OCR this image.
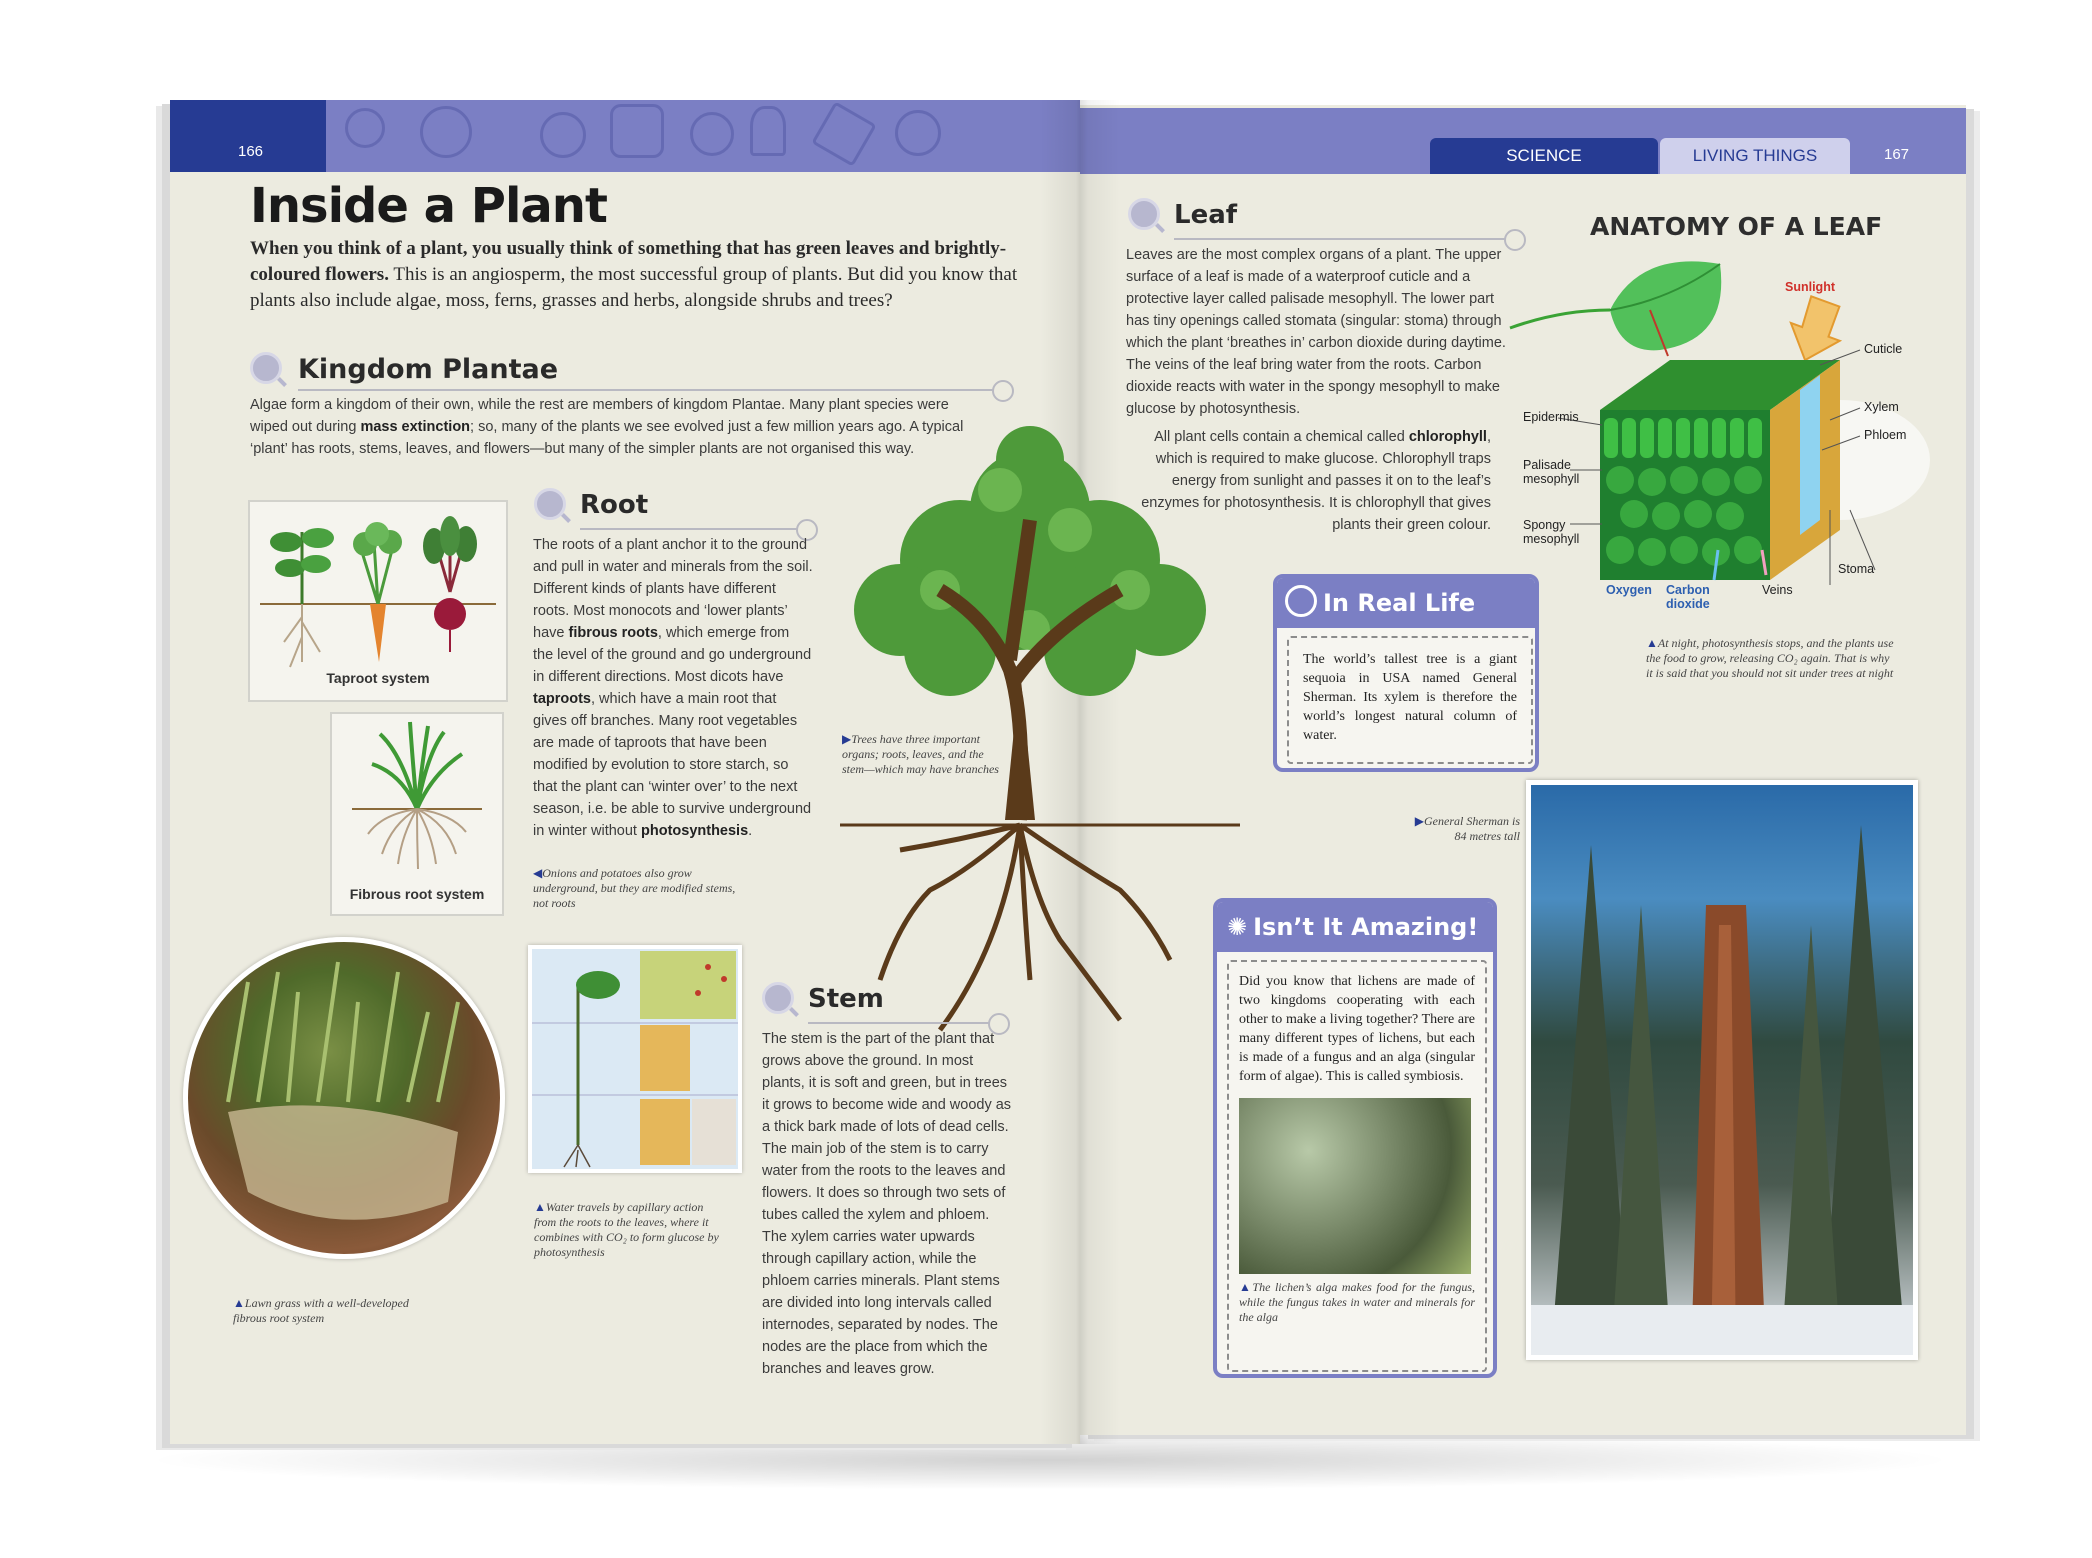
166	167
SCIENCE	LIVING THINGS
Inside a Plant
When you think of a plant, you usually think of something that has green leaves and brightly-coloured flowers. This is an angiosperm, the most successful group of plants. But did you know that plants also include algae, moss, ferns, grasses and herbs, alongside shrubs and trees?
Kingdom Plantae
Algae form a kingdom of their own, while the rest are members of kingdom Plantae. Many plant species were wiped out during mass extinction; so, many of the plants we see evolved just a few million years ago. A typical ‘plant’ has roots, stems, leaves, and flowers—but many of the simpler plants are not organised this way.
Taproot system
Fibrous root system
Root
The roots of a plant anchor it to the ground and pull in water and minerals from the soil. Different kinds of plants have different roots. Most monocots and ‘lower plants’ have fibrous roots, which emerge from the level of the ground and go underground in different directions. Most dicots have taproots, which have a main root that gives off branches. Many root vegetables are made of taproots that have been modified by evolution to store starch, so that the plant can ‘winter over’ to the next season, i.e. be able to survive underground in winter without photosynthesis.
◀Onions and potatoes also grow underground, but they are modified stems, not roots
▶Trees have three important organs; roots, leaves, and the stem—which may have branches
▲Lawn grass with a well-developed fibrous root system
▲Water travels by capillary action from the roots to the leaves, where it combines with CO₂ to form glucose by photosynthesis
Stem
The stem is the part of the plant that grows above the ground. In most plants, it is soft and green, but in trees it grows to become wide and woody as a thick bark made of lots of dead cells. The main job of the stem is to carry water from the roots to the leaves and flowers. It does so through two sets of tubes called the xylem and phloem. The xylem carries water upwards through capillary action, while the phloem carries minerals. Plant stems are divided into long intervals called internodes, separated by nodes. The nodes are the place from which the branches and leaves grow.
Leaf
Leaves are the most complex organs of a plant. The upper surface of a leaf is made of a waterproof cuticle and a protective layer called palisade mesophyll. The lower part has tiny openings called stomata (singular: stoma) through which the plant ‘breathes in’ carbon dioxide during daytime. The veins of the leaf bring water from the roots. Carbon dioxide reacts with water in the spongy mesophyll to make glucose by photosynthesis.
All plant cells contain a chemical called chlorophyll, which is required to make glucose. Chlorophyll traps energy from sunlight and passes it on to the leaf’s enzymes for photosynthesis. It is chlorophyll that gives plants their green colour.
ANATOMY OF A LEAF
Sunlight
Cuticle
Xylem
Phloem
Epidermis
Palisade mesophyll
Spongy mesophyll
Oxygen Carbon dioxide
Veins
Stoma
▲At night, photosynthesis stops, and the plants use the food to grow, releasing CO₂ again. That is why it is said that you should not sit under trees at night
In Real Life
The world’s tallest tree is a giant sequoia in USA named General Sherman. Its xylem is therefore the world’s longest natural column of water.
▶General Sherman is 84 metres tall
✺ Isn’t It Amazing!
Did you know that lichens are made of two kingdoms cooperating with each other to make a living together? There are many different types of lichens, but each is made of a fungus and an alga (singular form of algae). This is called symbiosis.
▲The lichen’s alga makes food for the fungus, while the fungus takes in water and minerals for the alga
